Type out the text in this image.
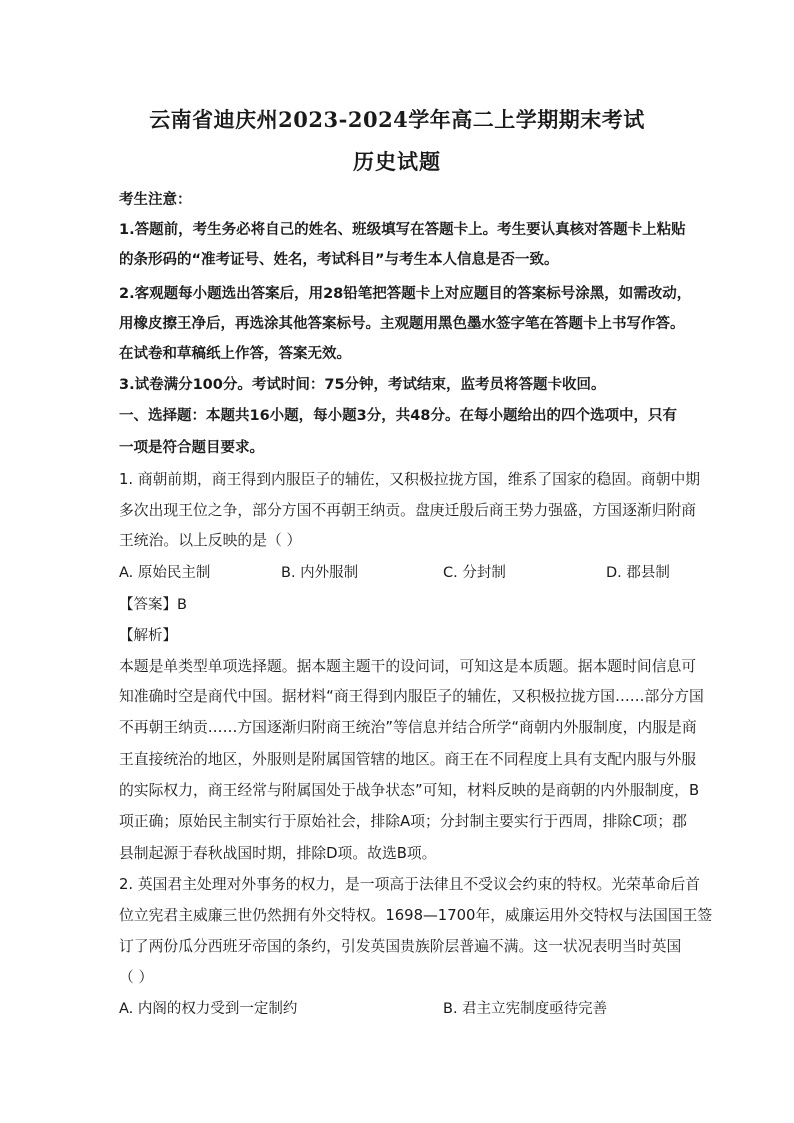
云南省迪庆州2023-2024学年高二上学期期末考试
历史试题
考生注意：
1.答题前，考生务必将自己的姓名、班级填写在答题卡上。考生要认真核对答题卡上粘贴
的条形码的“准考证号、姓名，考试科目”与考生本人信息是否一致。
2.客观题每小题选出答案后，用28铅笔把答题卡上对应题目的答案标号涂黑，如需改动，
用橡皮擦王净后，再选涂其他答案标号。主观题用黑色墨水签字笔在答题卡上书写作答。
在试卷和草稿纸上作答，答案无效。
3.试卷满分100分。考试时间：75分钟，考试结束，监考员将答题卡收回。
一、选择题：本题共16小题，每小题3分，共48分。在每小题给出的四个选项中，只有
一项是符合题目要求。
1. 商朝前期，商王得到内服臣子的辅佐，又积极拉拢方国，维系了国家的稳固。商朝中期
多次出现王位之争，部分方国不再朝王纳贡。盘庚迁殷后商王势力强盛，方国逐渐归附商
王统治。以上反映的是（ ）
A. 原始民主制	B. 内外服制	C. 分封制	D. 郡县制
【答案】B
【解析】
本题是单类型单项选择题。据本题主题干的设问词，可知这是本质题。据本题时间信息可
知准确时空是商代中国。据材料“商王得到内服臣子的辅佐，又积极拉拢方国……部分方国
不再朝王纳贡……方国逐渐归附商王统治”等信息并结合所学“商朝内外服制度，内服是商
王直接统治的地区，外服则是附属国管辖的地区。商王在不同程度上具有支配内服与外服
的实际权力，商王经常与附属国处于战争状态”可知，材料反映的是商朝的内外服制度，B
项正确；原始民主制实行于原始社会，排除A项；分封制主要实行于西周，排除C项；郡
县制起源于春秋战国时期，排除D项。故选B项。
2. 英国君主处理对外事务的权力，是一项高于法律且不受议会约束的特权。光荣革命后首
位立宪君主威廉三世仍然拥有外交特权。1698—1700年，威廉运用外交特权与法国国王签
订了两份瓜分西班牙帝国的条约，引发英国贵族阶层普遍不满。这一状况表明当时英国
（ ）
A. 内阁的权力受到一定制约	B. 君主立宪制度亟待完善
